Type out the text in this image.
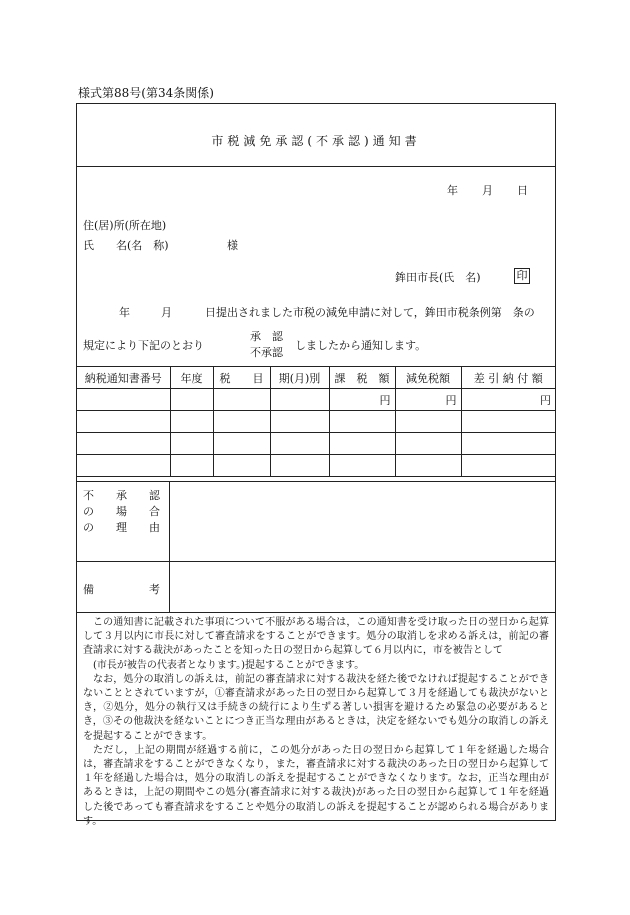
様式第88号(第34条関係)
市税減免承認(不承認)通知書
年 月 日
住(居)所(所在地)
氏　　名(名　称)	様
鉾田市長(氏　名)	印
年	月	日提出されました市税の減免申請に対して，鉾田市税条例第　条の
規定により下記のとおり
承　認
不承認
しましたから通知します。
納税通知書番号	年度	税　　目	期(月)別	課　税　額	減免税額	差 引 納 付 額
				円	円	円

不　　承　　認
の　　場　　合
の　　理　　由
備　　　　　考

この通知書に記載された事項について不服がある場合は，この通知書を受け取った日の翌日から起算して３月以内に市長に対して審査請求をすることができます。処分の取消しを求める訴えは，前記の審査請求に対する裁決があったことを知った日の翌日から起算して６月以内に，市を被告として

(市長が被告の代表者となります。)提起することができます。

なお，処分の取消しの訴えは，前記の審査請求に対する裁決を経た後でなければ提起することができないこととされていますが，①審査請求があった日の翌日から起算して３月を経過しても裁決がないとき，②処分，処分の執行又は手続きの続行により生ずる著しい損害を避けるため緊急の必要があるとき，③その他裁決を経ないことにつき正当な理由があるときは，決定を経ないでも処分の取消しの訴えを提起することができます。

ただし，上記の期間が経過する前に，この処分があった日の翌日から起算して１年を経過した場合は，審査請求をすることができなくなり，また，審査請求に対する裁決のあった日の翌日から起算して１年を経過した場合は，処分の取消しの訴えを提起することができなくなります。なお，正当な理由があるときは，上記の期間やこの処分(審査請求に対する裁決)があった日の翌日から起算して１年を経過した後であっても審査請求をすることや処分の取消しの訴えを提起することが認められる場合があります。
